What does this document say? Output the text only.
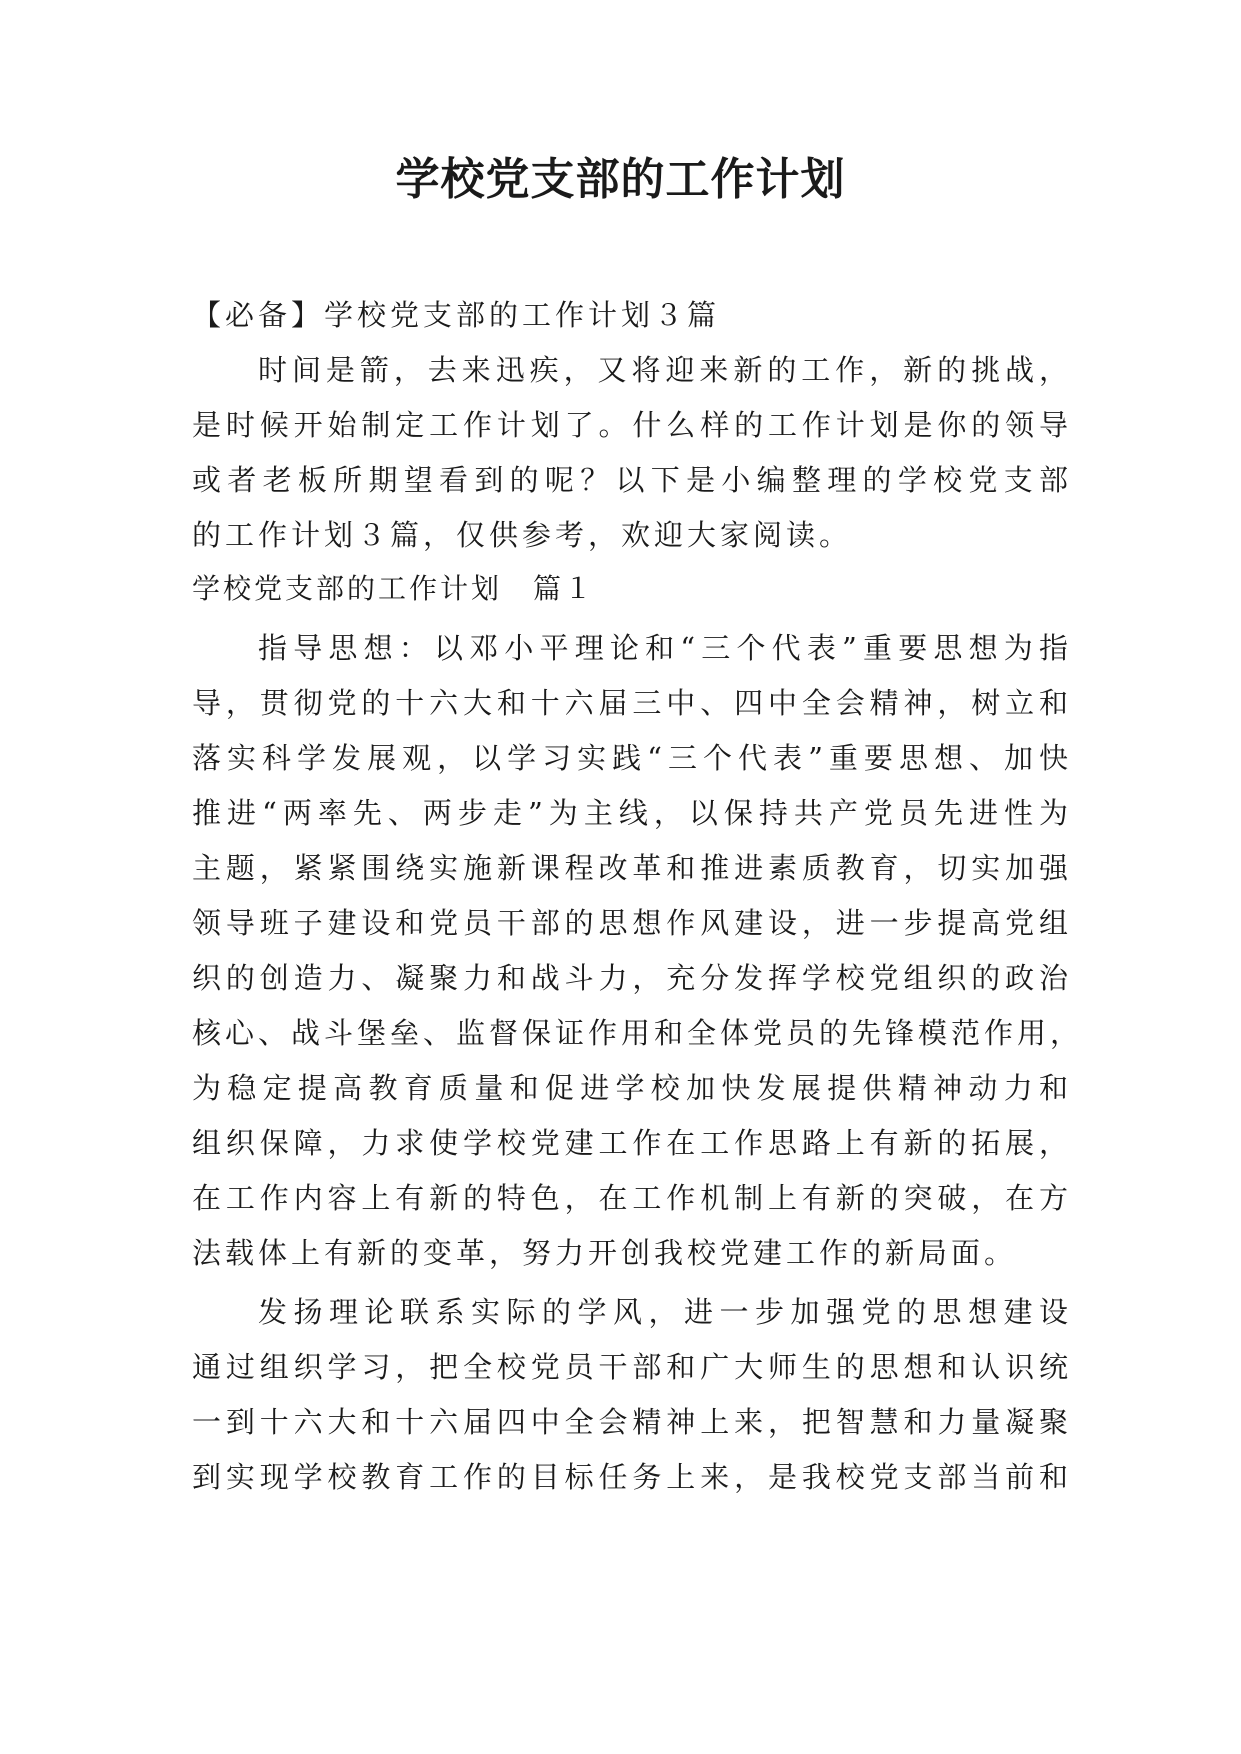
学校党支部的工作计划
【必备】学校党支部的工作计划３篇
时间是箭，去来迅疾，又将迎来新的工作，新的挑战，
是时候开始制定工作计划了。什么样的工作计划是你的领导
或者老板所期望看到的呢？以下是小编整理的学校党支部
的工作计划３篇，仅供参考，欢迎大家阅读。
学校党支部的工作计划　篇１
指导思想：以邓小平理论和“三个代表”重要思想为指
导，贯彻党的十六大和十六届三中、四中全会精神，树立和
落实科学发展观，以学习实践“三个代表”重要思想、加快
推进“两率先、两步走”为主线，以保持共产党员先进性为
主题，紧紧围绕实施新课程改革和推进素质教育，切实加强
领导班子建设和党员干部的思想作风建设，进一步提高党组
织的创造力、凝聚力和战斗力，充分发挥学校党组织的政治
核心、战斗堡垒、监督保证作用和全体党员的先锋模范作用，
为稳定提高教育质量和促进学校加快发展提供精神动力和
组织保障，力求使学校党建工作在工作思路上有新的拓展，
在工作内容上有新的特色，在工作机制上有新的突破，在方
法载体上有新的变革，努力开创我校党建工作的新局面。
发扬理论联系实际的学风，进一步加强党的思想建设
通过组织学习，把全校党员干部和广大师生的思想和认识统
一到十六大和十六届四中全会精神上来，把智慧和力量凝聚
到实现学校教育工作的目标任务上来，是我校党支部当前和
